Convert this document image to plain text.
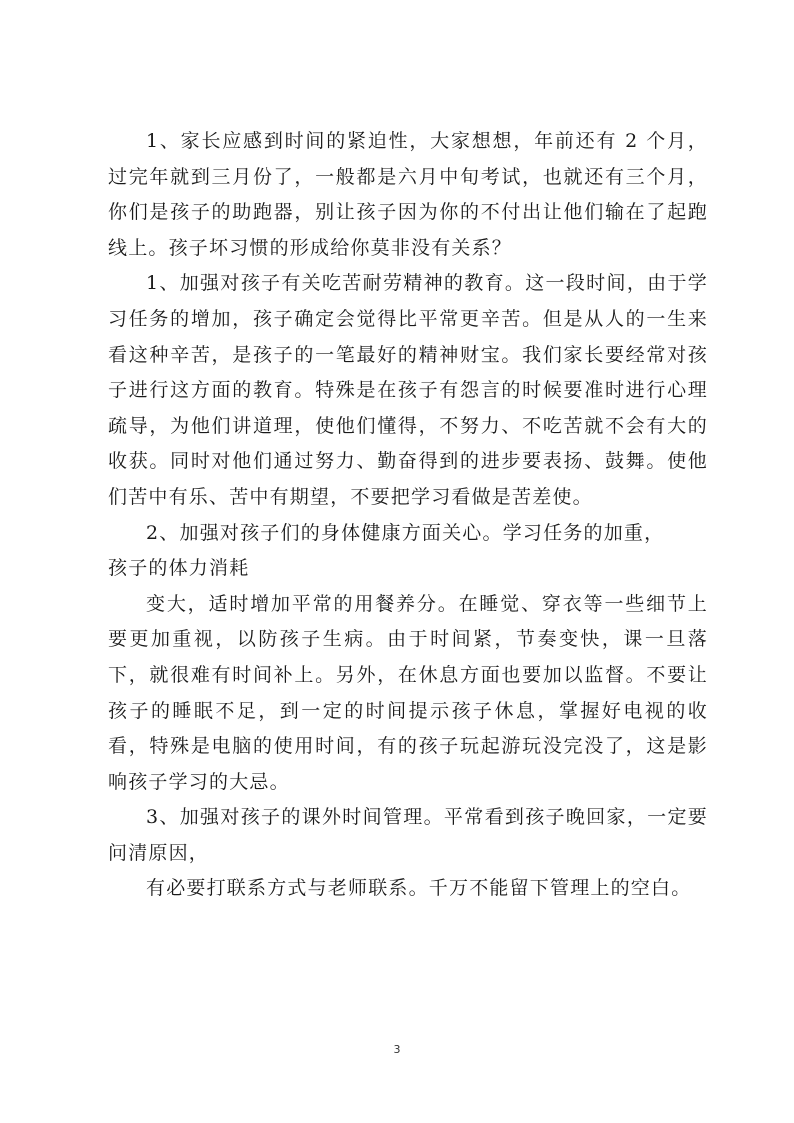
1、家长应感到时间的紧迫性，大家想想，年前还有 2 个月，过完年就到三月份了，一般都是六月中旬考试，也就还有三个月，你们是孩子的助跑器，别让孩子因为你的不付出让他们输在了起跑线上。孩子坏习惯的形成给你莫非没有关系？

1、加强对孩子有关吃苦耐劳精神的教育。这一段时间，由于学习任务的增加，孩子确定会觉得比平常更辛苦。但是从人的一生来看这种辛苦，是孩子的一笔最好的精神财宝。我们家长要经常对孩子进行这方面的教育。特殊是在孩子有怨言的时候要准时进行心理疏导，为他们讲道理，使他们懂得，不努力、不吃苦就不会有大的收获。同时对他们通过努力、勤奋得到的进步要表扬、鼓舞。使他们苦中有乐、苦中有期望，不要把学习看做是苦差使。

2、加强对孩子们的身体健康方面关心。学习任务的加重，

孩子的体力消耗

变大，适时增加平常的用餐养分。在睡觉、穿衣等一些细节上要更加重视，以防孩子生病。由于时间紧，节奏变快，课一旦落下，就很难有时间补上。另外，在休息方面也要加以监督。不要让孩子的睡眠不足，到一定的时间提示孩子休息，掌握好电视的收看，特殊是电脑的使用时间，有的孩子玩起游玩没完没了，这是影响孩子学习的大忌。

3、加强对孩子的课外时间管理。平常看到孩子晚回家，一定要问清原因，

有必要打联系方式与老师联系。千万不能留下管理上的空白。

3
